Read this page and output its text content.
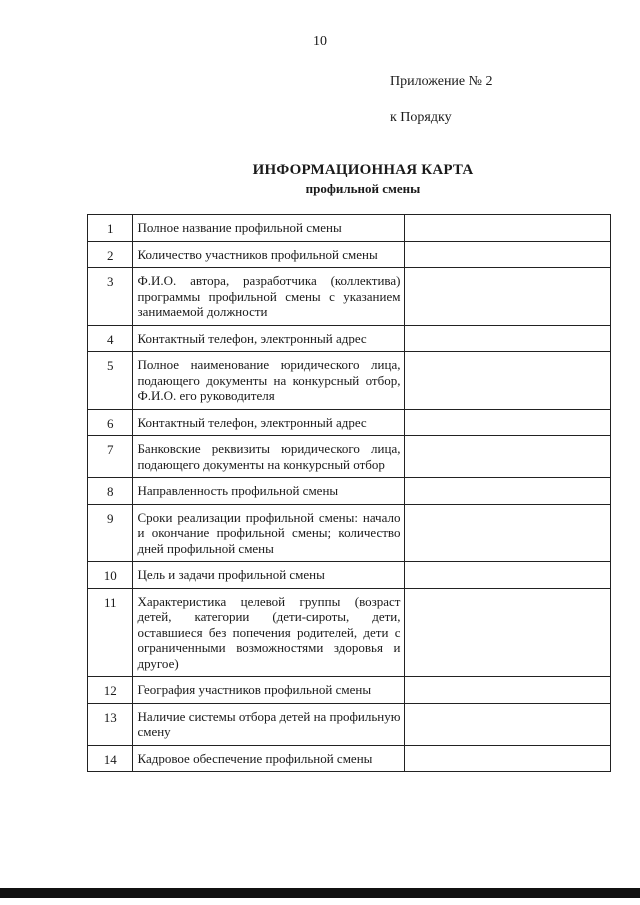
10
Приложение № 2
к Порядку
ИНФОРМАЦИОННАЯ КАРТА
профильной смены
1	Полное название профильной смены	
2	Количество участников профильной смены	
3	Ф.И.О. автора, разработчика (коллектива) программы профильной смены с указанием занимаемой должности	
4	Контактный телефон, электронный адрес	
5	Полное наименование юридического лица, подающего документы на конкурсный отбор, Ф.И.О. его руководителя	
6	Контактный телефон, электронный адрес	
7	Банковские реквизиты юридического лица, подающего документы на конкурсный отбор	
8	Направленность профильной смены	
9	Сроки реализации профильной смены: начало и окончание профильной смены; количество дней профильной смены	
10	Цель и задачи профильной смены	
11	Характеристика целевой группы (возраст детей, категории (дети-сироты, дети, оставшиеся без попечения родителей, дети с ограниченными возможностями здоровья и другое)	
12	География участников профильной смены	
13	Наличие системы отбора детей на профильную смену	
14	Кадровое обеспечение профильной смены	
